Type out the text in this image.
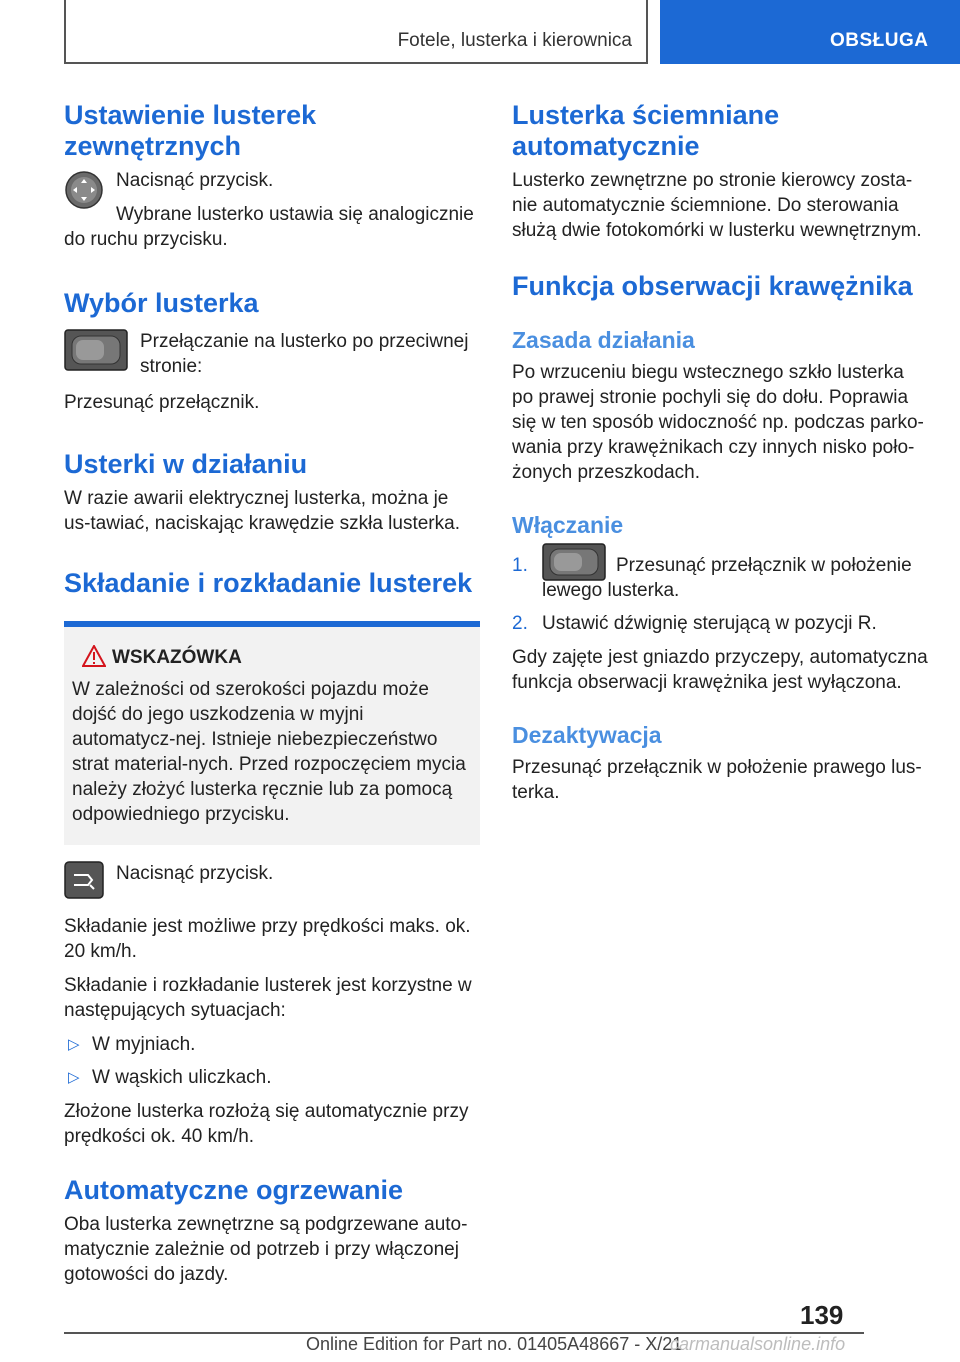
Fotele, lusterka i kierownica	OBSŁUGA
Ustawienie lusterek zewnętrznych

Nacisnąć przycisk.

Wybrane lusterko ustawia się analogicznie do ruchu przycisku.

Wybór lusterka

Przełączanie na lusterko po przeciwnej stronie:

Przesunąć przełącznik.

Usterki w działaniu

W razie awarii elektrycznej lusterka, można je us‐tawiać, naciskając krawędzie szkła lusterka.

Składanie i rozkładanie lusterek
WSKAZÓWKA

W zależności od szerokości pojazdu może dojść do jego uszkodzenia w myjni automatycz‐nej. Istnieje niebezpieczeństwo strat material‐nych. Przed rozpoczęciem mycia należy złożyć lusterka ręcznie lub za pomocą odpowiedniego przycisku.

Nacisnąć przycisk.

Składanie jest możliwe przy prędkości maks. ok. 20 km/h.

Składanie i rozkładanie lusterek jest korzystne w następujących sytuacjach:

▷ W myjniach.
▷ W wąskich uliczkach.

Złożone lusterka rozłożą się automatycznie przy prędkości ok. 40 km/h.

Automatyczne ogrzewanie

Oba lusterka zewnętrzne są podgrzewane auto‐matycznie zależnie od potrzeb i przy włączonej gotowości do jazdy.

Lusterka ściemniane automatycznie

Lusterko zewnętrzne po stronie kierowcy zosta‐nie automatycznie ściemnione. Do sterowania służą dwie fotokomórki w lusterku wewnętrznym.

Funkcja obserwacji krawężnika
Zasada działania

Po wrzuceniu biegu wstecznego szkło lusterka po prawej stronie pochyli się do dołu. Poprawia się w ten sposób widoczność np. podczas parko‐wania przy krawężnikach czy innych nisko poło‐żonych przeszkodach.

Włączanie
1.	Przesunąć przełącznik w położenie lewego lusterka.
2. Ustawić dźwignię sterującą w pozycji R.

Gdy zajęte jest gniazdo przyczepy, automatyczna funkcja obserwacji krawężnika jest wyłączona.

Dezaktywacja

Przesunąć przełącznik w położenie prawego lus‐terka.

139
Online Edition for Part no. 01405A48667 - X/21
carmanualsonline.info
